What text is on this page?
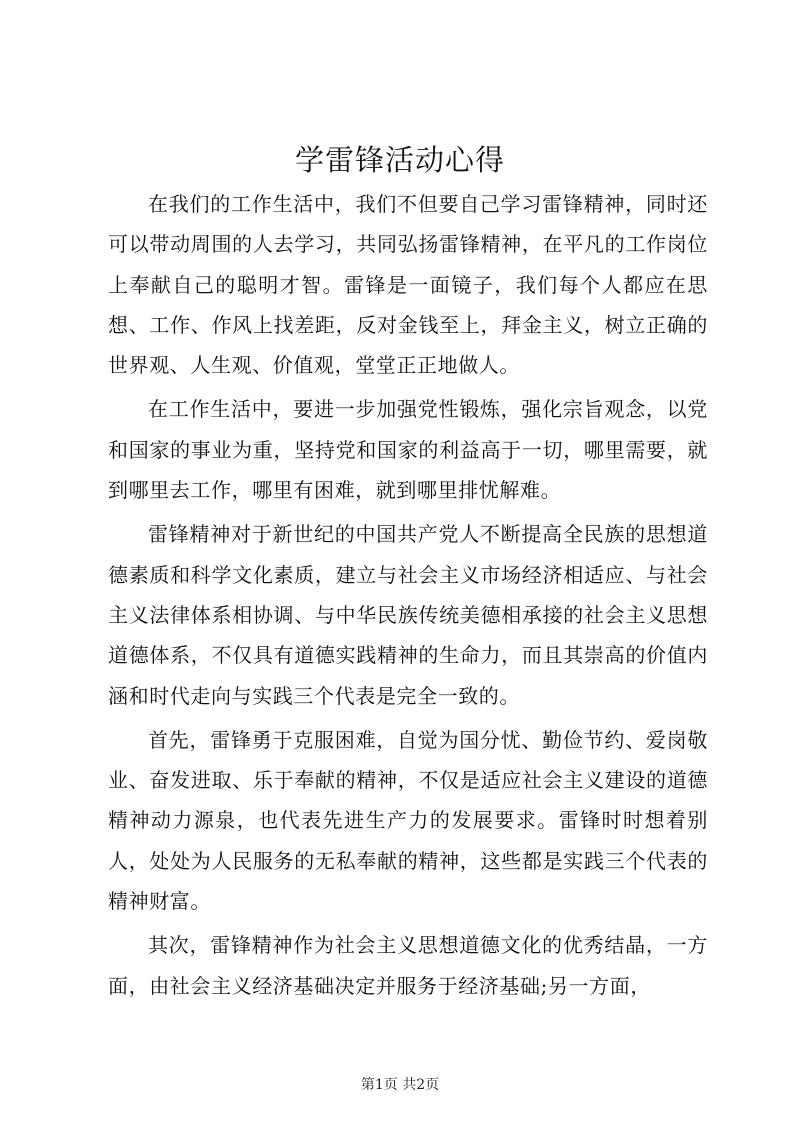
学雷锋活动心得

在我们的工作生活中，我们不但要自己学习雷锋精神，同时还可以带动周围的人去学习，共同弘扬雷锋精神，在平凡的工作岗位上奉献自己的聪明才智。雷锋是一面镜子，我们每个人都应在思想、工作、作风上找差距，反对金钱至上，拜金主义，树立正确的世界观、人生观、价值观，堂堂正正地做人。

在工作生活中，要进一步加强党性锻炼，强化宗旨观念，以党和国家的事业为重，坚持党和国家的利益高于一切，哪里需要，就到哪里去工作，哪里有困难，就到哪里排忧解难。

雷锋精神对于新世纪的中国共产党人不断提高全民族的思想道德素质和科学文化素质，建立与社会主义市场经济相适应、与社会主义法律体系相协调、与中华民族传统美德相承接的社会主义思想道德体系，不仅具有道德实践精神的生命力，而且其崇高的价值内涵和时代走向与实践三个代表是完全一致的。

首先，雷锋勇于克服困难，自觉为国分忧、勤俭节约、爱岗敬业、奋发进取、乐于奉献的精神，不仅是适应社会主义建设的道德精神动力源泉，也代表先进生产力的发展要求。雷锋时时想着别人，处处为人民服务的无私奉献的精神，这些都是实践三个代表的精神财富。

其次，雷锋精神作为社会主义思想道德文化的优秀结晶，一方面，由社会主义经济基础决定并服务于经济基础;另一方面，

第1页 共2页
